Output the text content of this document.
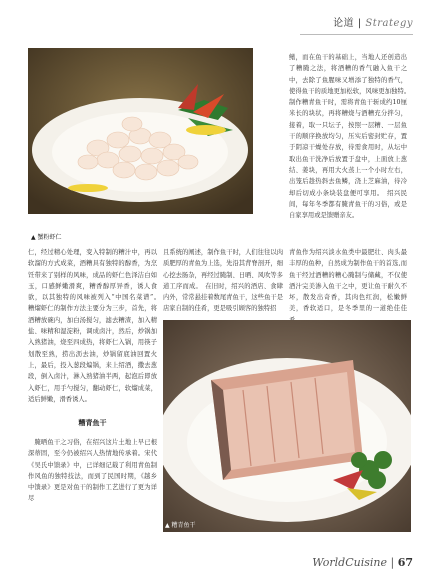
论道 | Strategy
▲ 蟹粉虾仁

鳍，而在鱼干的基础上，当地人还创造出了糟腌之法，将酒糟的香气融入鱼干之中，去除了鱼腥味又增添了独特的香气，使得鱼干的质地更加松软，风味更加独特。　制作糟青鱼干时，需将青鱼干斩成约10厘米长的块状，再将糟烧与酒糟充分拌匀，接着，取一只坛子，按照一层糟、一层鱼干的顺序换放均匀，压实后密封贮存，置于阴凉干燥处存放，待需食用时，从坛中取出鱼干洗净后放置于盘中，上面放上葱结、姜块，再用大火蒸上一个小时左右，出笼后趁热斜去鱼鳞，浇上芝麻油，待冷却后切成小条块装盘便可享用。　绍兴民间，每年冬季都有腌青鱼干的习俗，或是自家享用或是馈赠亲友。

仁，经过精心处理，变入特制的糟汁中，再以软溜的方式成菜，酒糟具有独特的醇香，为烹饪带来了别样的风味，成品的虾仁色泽洁白如玉，口感鲜嫩滑爽，糟香醇厚异香，诱人食欲，以其独特的风味被列入“中国名菜谱”。　糟熘虾仁的制作方法主要分为三步，首先，将酒糟放碗内，加白汤搅匀，滤去糟渣，加入精盐、味精和湿淀粉，调成卤汁，然后，炒锅加入熟猪油，烧至四成热，将虾仁入锅，用筷子划散至熟，捞出沥去油，炒锅留底油回置火上，最后，投入葱段煸锅，来上绍酒，撒去葱段，倒入卤汁，淋入熟猪油半两，起泡后即放入虾仁，用手勺搅匀，翻动虾仁，软熘成菜，适后鲜嫩，滑香诱人。

且系统的阐述，制作鱼干时，人们往往以肉质肥厚的青鱼为上选，先沿其背脊剖开，细心挖去肠杂，再经过腌制、日晒、风吹等多道工序而成。　在旧时，绍兴的酒店、食肆内外，常常悬挂着数尾青鱼干，这些鱼干是店家自制的佳肴，更是吸引顾客的独特招

青鱼作为绍兴淡水鱼类中最肥壮、肉头最丰厚的鱼种，自然成为制作鱼干的首选,而鱼干经过酒糟的糟心腌制与储藏，不仅使酒汁完美渗入鱼干之中，更让鱼干耐久不坏，散发出奇香，其肉色红润，松嫩鲜美，香软适口，是冬季里的一道绝佳佳

糟青鱼干

　腌晒鱼干之习俗，在绍兴这片土地上早已根深蒂固，至今仍被绍兴人热情地传承着。宋代《吴氏中馈录》中，已详细记载了利用青鱼制作风鱼的独特技法，而到了民国时期，《越乡中馈录》更是对鱼干的制作工艺进行了更为详尽

▲ 糟青鱼干
WorldCuisine | 67
